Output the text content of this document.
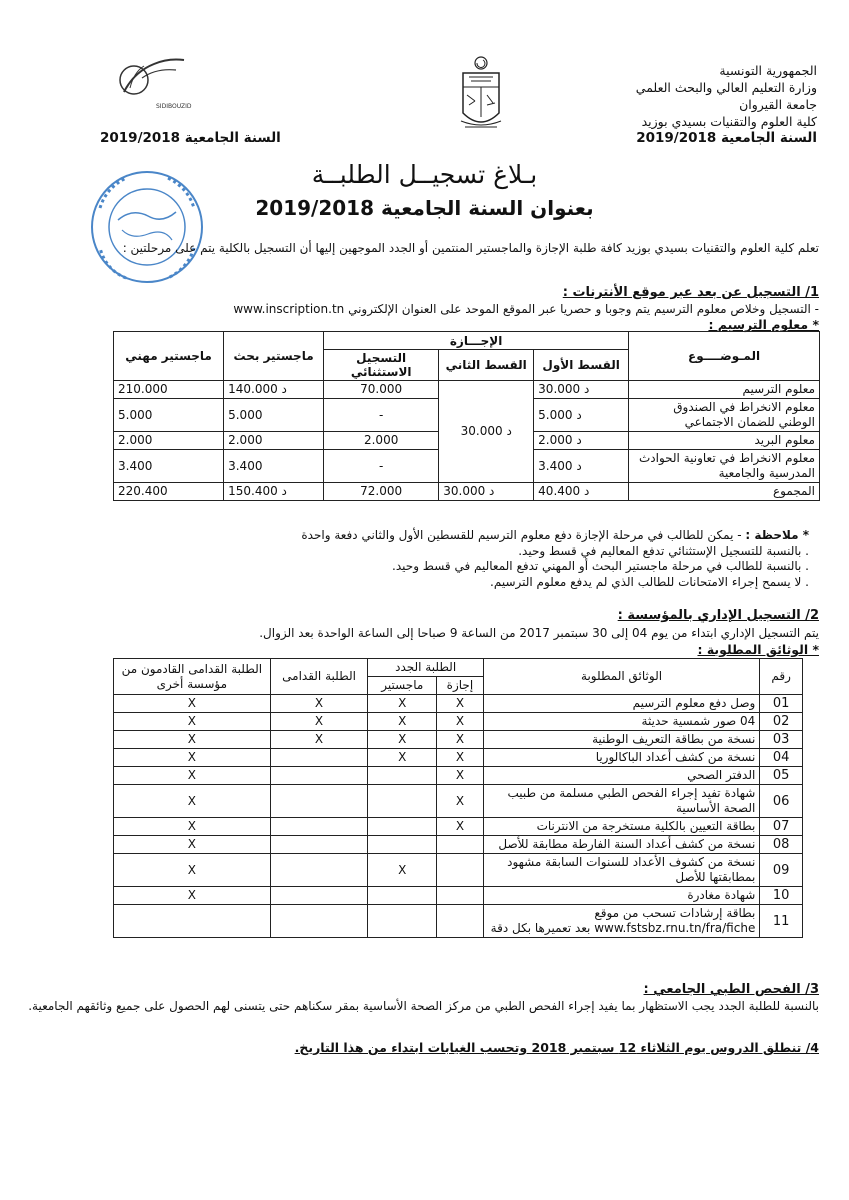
الجمهورية التونسية
وزارة التعليم العالي والبحث العلمي
جامعة القيروان
كلية العلوم والتقنيات بسيدي بوزيد
السنة الجامعية 2019/2018
2019/2018 السنة الجامعية
SIDIBOUZID
بـلاغ تسجيــل الطلبــة
بعنوان السنة الجامعية 2019/2018
تعلم كلية العلوم والتقنيات بسيدي بوزيد كافة طلبة الإجازة والماجستير المنتمين أو الجدد الموجهين إليها أن التسجيل بالكلية يتم على مرحلتين :
1/ التسجيل عن بعد عبر موقع الأنترنات :
- التسجيل وخلاص معلوم الترسيم يتم وجوبا و حصريا عبر الموقع الموحد على العنوان الإلكتروني www.inscription.tn
* معلوم الترسيم :
المـوضــــوع	الإجـــازة			ماجستير بحث	ماجستير مهني
	القسط الأول	القسط الثاني	التسجيل الاستثنائي		
معلوم الترسيم	30.000 د	30.000 د	70.000	140.000 د	210.000
معلوم الانخراط في الصندوق الوطني للضمان الاجتماعي	5.000 د		-	5.000	5.000
معلوم البريد	2.000 د		2.000	2.000	2.000
معلوم الانخراط في تعاونية الحوادث المدرسية والجامعية	3.400 د		-	3.400	3.400
المجموع	40.400 د	30.000 د	72.000	150.400 د	220.400
* ملاحظة : - يمكن للطالب في مرحلة الإجازة دفع معلوم الترسيم للقسطين الأول والثاني دفعة واحدة
. بالنسبة للتسجيل الإستثنائي تدفع المعاليم في قسط وحيد.
. بالنسبة للطالب في مرحلة ماجستير البحث أو المهني تدفع المعاليم في قسط وحيد.
. لا يسمح إجراء الامتحانات للطالب الذي لم يدفع معلوم الترسيم.
2/ التسجيل الإداري بالمؤسسة :
يتم التسجيل الإداري ابتداء من يوم 04 إلى 30 سبتمبر 2017 من الساعة 9 صباحا إلى الساعة الواحدة بعد الزوال.
* الوثائق المطلوبة :
رقم	الوثائق المطلوبة	الطلبة الجدد		الطلبة القدامى	الطلبة القدامى القادمون من مؤسسة أخرى
		إجازة	ماجستير		
01	وصل دفع معلوم الترسيم	X	X	X	X
02	04 صور شمسية حديثة	X	X	X	X
03	نسخة من بطاقة التعريف الوطنية	X	X	X	X
04	نسخة من كشف أعداد الباكالوريا	X	X		X
05	الدفتر الصحي	X			X
06	شهادة تفيد إجراء الفحص الطبي مسلمة من طبيب الصحة الأساسية	X			X
07	بطاقة التعيين بالكلية مستخرجة من الانترنات	X			X
08	نسخة من كشف أعداد السنة الفارطة مطابقة للأصل				X
09	نسخة من كشوف الأعداد للسنوات السابقة مشهود بمطابقتها للأصل		X		X
10	شهادة مغادرة				X
11	بطاقة إرشادات تسحب من موقع www.fstsbz.rnu.tn/fra/fiche بعد تعميرها بكل دقة				
3/ الفحص الطبي الجامعي :
بالنسبة للطلبة الجدد يجب الاستظهار بما يفيد إجراء الفحص الطبي من مركز الصحة الأساسية بمقر سكناهم حتى يتسنى لهم الحصول على جميع وثائقهم الجامعية.
4/ تنطلق الدروس يوم الثلاثاء 12 سبتمبر 2018 وتحسب الغيابات ابتداء من هذا التاريخ.
